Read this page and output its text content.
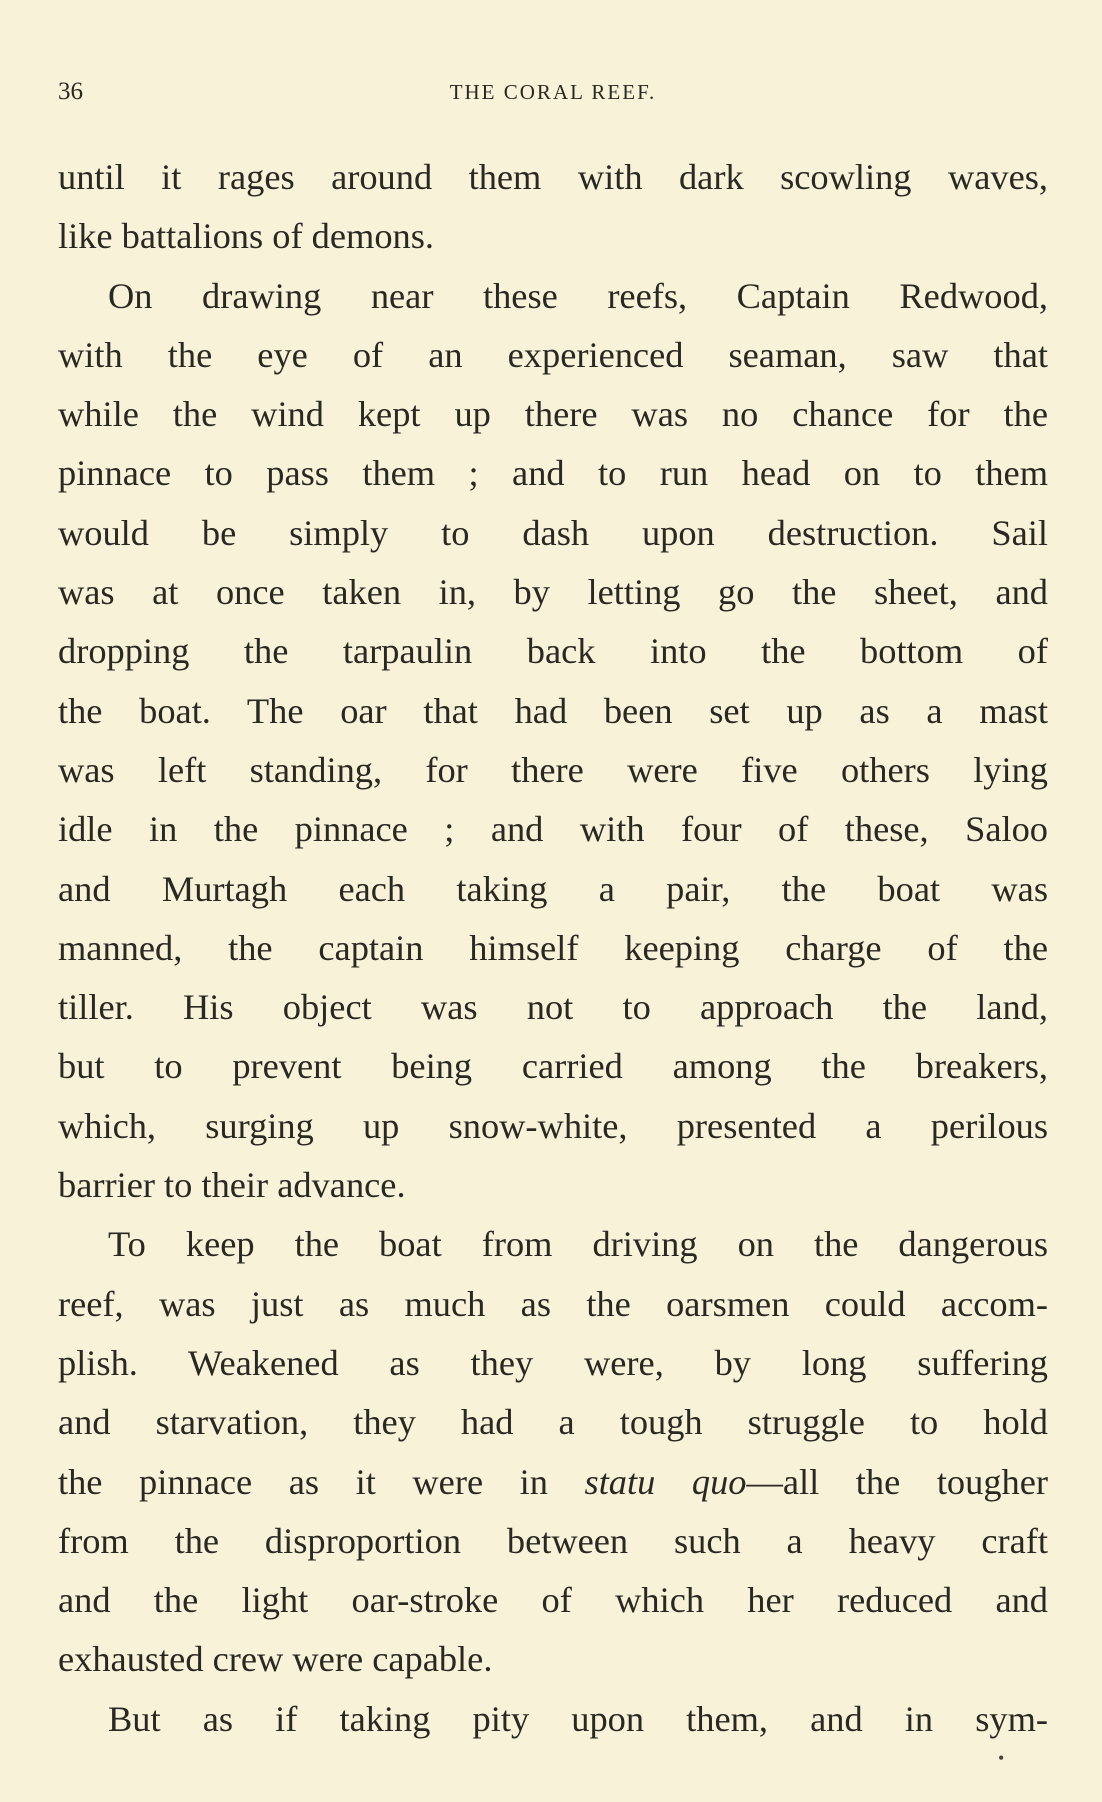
36	THE CORAL REEF.
until it rages around them with dark scowling waves,
like battalions of demons.
On drawing near these reefs, Captain Redwood,
with the eye of an experienced seaman, saw that
while the wind kept up there was no chance for the
pinnace to pass them ; and to run head on to them
would be simply to dash upon destruction. Sail
was at once taken in, by letting go the sheet, and
dropping the tarpaulin back into the bottom of
the boat. The oar that had been set up as a mast
was left standing, for there were five others lying
idle in the pinnace ; and with four of these, Saloo
and Murtagh each taking a pair, the boat was
manned, the captain himself keeping charge of the
tiller. His object was not to approach the land,
but to prevent being carried among the breakers,
which, surging up snow-white, presented a perilous
barrier to their advance.
To keep the boat from driving on the dangerous
reef, was just as much as the oarsmen could accom-
plish. Weakened as they were, by long suffering
and starvation, they had a tough struggle to hold
the pinnace as it were in statu quo—all the tougher
from the disproportion between such a heavy craft
and the light oar-stroke of which her reduced and
exhausted crew were capable.
But as if taking pity upon them, and in sym-
•
